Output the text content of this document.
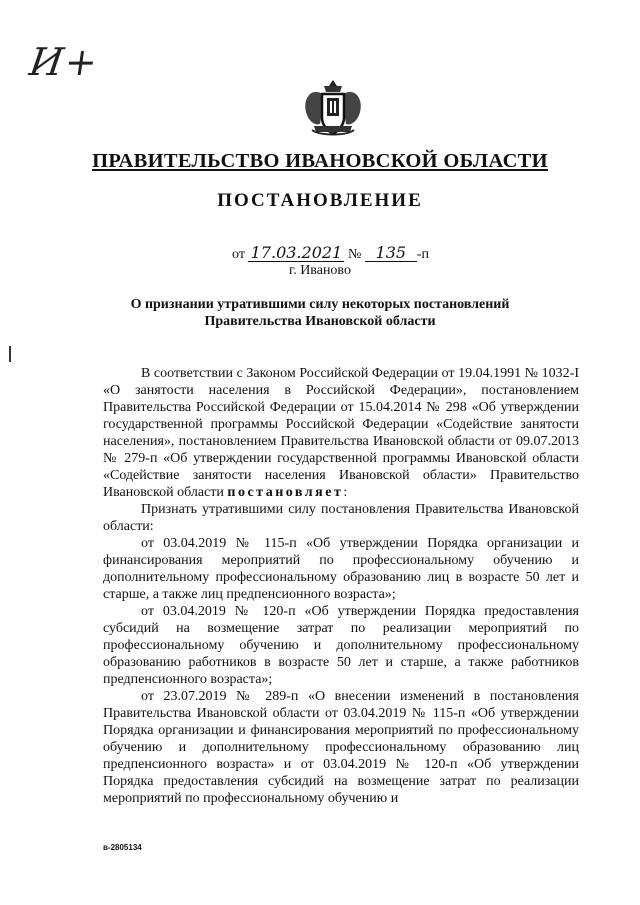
И+
ПРАВИТЕЛЬСТВО ИВАНОВСКОЙ ОБЛАСТИ
ПОСТАНОВЛЕНИЕ
от 17.03.2021 № 135 -п
г. Иваново
О признании утратившими силу некоторых постановлений
Правительства Ивановской области

В соответствии с Законом Российской Федерации от 19.04.1991 № 1032-I «О занятости населения в Российской Федерации», постановлением Правительства Российской Федерации от 15.04.2014 № 298 «Об утверждении государственной программы Российской Федерации «Содействие занятости населения», постановлением Правительства Ивановской области от 09.07.2013 № 279-п «Об утверждении государственной программы Ивановской области «Содействие занятости населения Ивановской области» Правительство Ивановской области постановляет:

Признать утратившими силу постановления Правительства Ивановской области:

от 03.04.2019 № 115-п «Об утверждении Порядка организации и финансирования мероприятий по профессиональному обучению и дополнительному профессиональному образованию лиц в возрасте 50 лет и старше, а также лиц предпенсионного возраста»;

от 03.04.2019 № 120-п «Об утверждении Порядка предоставления субсидий на возмещение затрат по реализации мероприятий по профессиональному обучению и дополнительному профессиональному образованию работников в возрасте 50 лет и старше, а также работников предпенсионного возраста»;

от 23.07.2019 № 289-п «О внесении изменений в постановления Правительства Ивановской области от 03.04.2019 № 115-п «Об утверждении Порядка организации и финансирования мероприятий по профессиональному обучению и дополнительному профессиональному образованию лиц предпенсионного возраста» и от 03.04.2019 № 120-п «Об утверждении Порядка предоставления субсидий на возмещение затрат по реализации мероприятий по профессиональному обучению и

в-2805134
